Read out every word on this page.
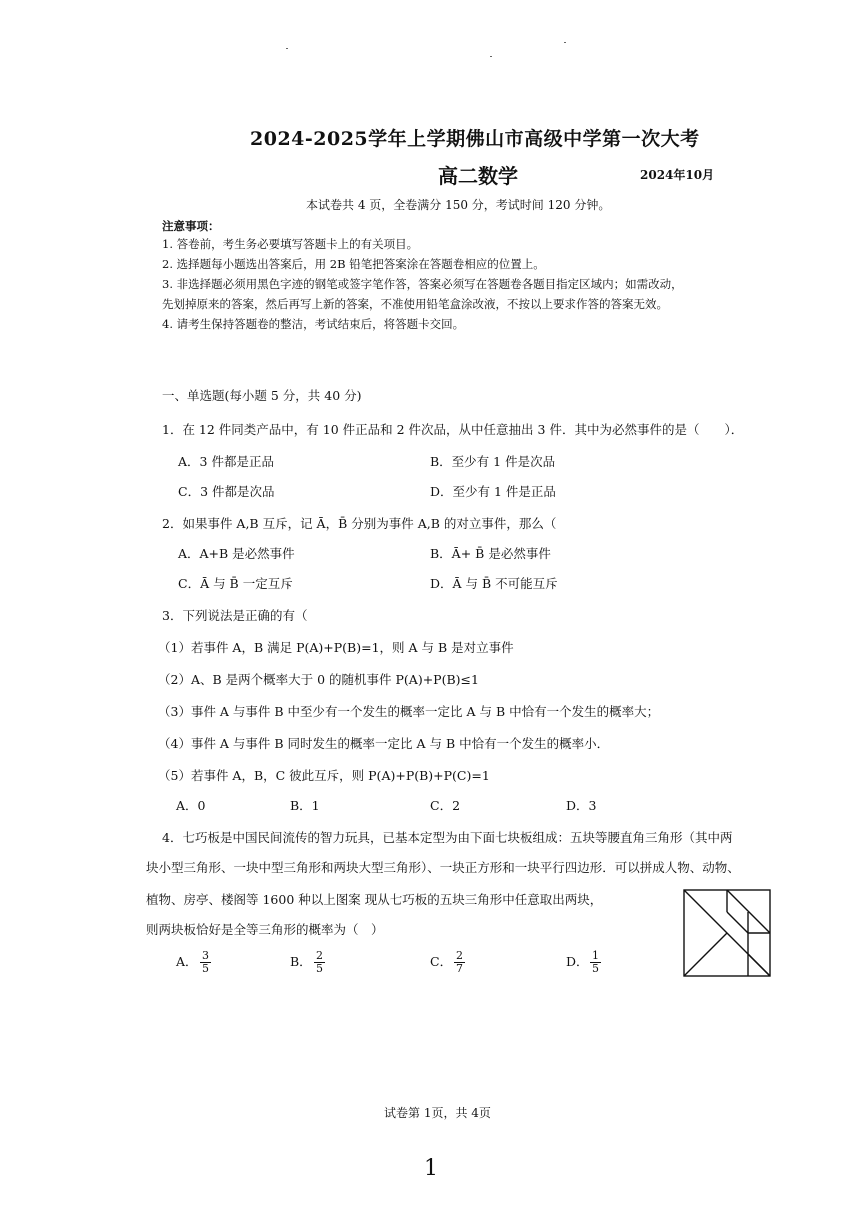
2024-2025学年上学期佛山市高级中学第一次大考
高二数学	2024年10月
本试卷共 4 页，全卷满分 150 分，考试时间 120 分钟。
注意事项：
1. 答卷前，考生务必要填写答题卡上的有关项目。
2. 选择题每小题选出答案后，用 2B 铅笔把答案涂在答题卷相应的位置上。
3. 非选择题必须用黑色字迹的钢笔或签字笔作答，答案必须写在答题卷各题目指定区域内；如需改动，
先划掉原来的答案，然后再写上新的答案，不准使用铅笔盒涂改液，不按以上要求作答的答案无效。
4. 请考生保持答题卷的整洁，考试结束后，将答题卡交回。
一、单选题(每小题 5 分，共 40 分)
1．在 12 件同类产品中，有 10 件正品和 2 件次品，从中任意抽出 3 件．其中为必然事件的是（　　）．
A．3 件都是正品	B．至少有 1 件是次品
C．3 件都是次品	D．至少有 1 件是正品
2．如果事件 A,B 互斥，记 Ā，B̄ 分别为事件 A,B 的对立事件，那么（
A．A+B 是必然事件	B．Ā+ B̄ 是必然事件
C．Ā 与 B̄ 一定互斥	D．Ā 与 B̄ 不可能互斥
3．下列说法是正确的有（
（1）若事件 A，B 满足 P(A)+P(B)=1，则 A 与 B 是对立事件
（2）A、B 是两个概率大于 0 的随机事件 P(A)+P(B)≤1
（3）事件 A 与事件 B 中至少有一个发生的概率一定比 A 与 B 中恰有一个发生的概率大；
（4）事件 A 与事件 B 同时发生的概率一定比 A 与 B 中恰有一个发生的概率小．
（5）若事件 A，B，C 彼此互斥，则 P(A)+P(B)+P(C)=1
A．0	B．1	C．2	D．3
4．七巧板是中国民间流传的智力玩具，已基本定型为由下面七块板组成：五块等腰直角三角形（其中两
块小型三角形、一块中型三角形和两块大型三角形）、一块正方形和一块平行四边形．可以拼成人物、动物、
植物、房亭、楼阁等 1600 种以上图案 现从七巧板的五块三角形中任意取出两块，
则两块板恰好是全等三角形的概率为（　）
A． $\frac{3}{5}$	B． $\frac{2}{5}$	C． $\frac{2}{7}$	D． $\frac{1}{5}$
试卷第 1页，共 4页
1
